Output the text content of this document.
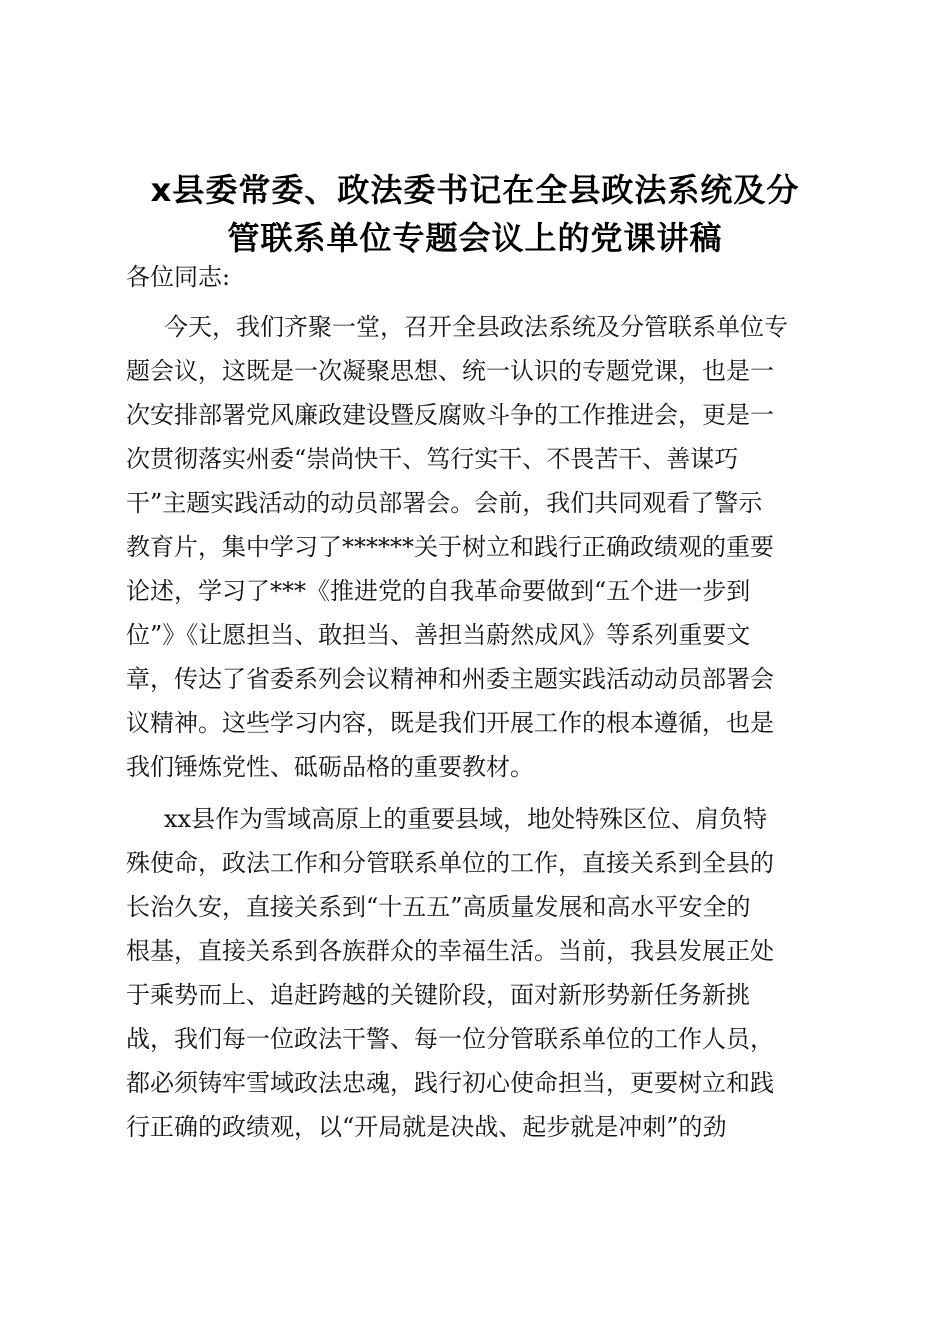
x县委常委、政法委书记在全县政法系统及分
管联系单位专题会议上的党课讲稿

各位同志:

今天，我们齐聚一堂，召开全县政法系统及分管联系单位专
题会议，这既是一次凝聚思想、统一认识的专题党课，也是一
次安排部署党风廉政建设暨反腐败斗争的工作推进会，更是一
次贯彻落实州委“崇尚快干、笃行实干、不畏苦干、善谋巧
干”主题实践活动的动员部署会。会前，我们共同观看了警示
教育片，集中学习了******关于树立和践行正确政绩观的重要
论述，学习了***《推进党的自我革命要做到“五个进一步到
位”》《让愿担当、敢担当、善担当蔚然成风》等系列重要文
章，传达了省委系列会议精神和州委主题实践活动动员部署会
议精神。这些学习内容，既是我们开展工作的根本遵循，也是
我们锤炼党性、砥砺品格的重要教材。

xx县作为雪域高原上的重要县域，地处特殊区位、肩负特
殊使命，政法工作和分管联系单位的工作，直接关系到全县的
长治久安，直接关系到“十五五”高质量发展和高水平安全的
根基，直接关系到各族群众的幸福生活。当前，我县发展正处
于乘势而上、追赶跨越的关键阶段，面对新形势新任务新挑
战，我们每一位政法干警、每一位分管联系单位的工作人员，
都必须铸牢雪域政法忠魂，践行初心使命担当，更要树立和践
行正确的政绩观，以“开局就是决战、起步就是冲刺”的劲
